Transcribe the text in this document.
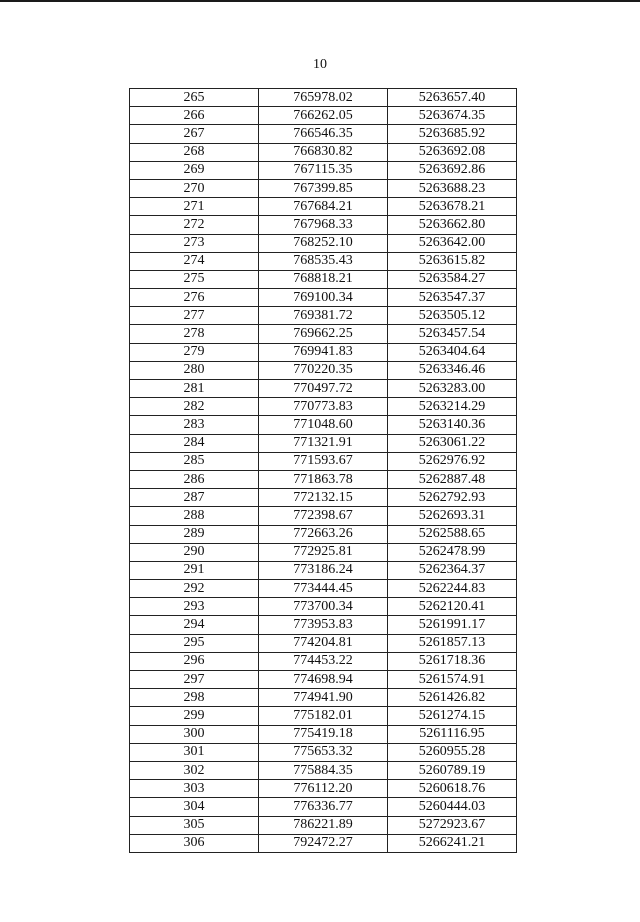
10
265	765978.02	5263657.40
266	766262.05	5263674.35
267	766546.35	5263685.92
268	766830.82	5263692.08
269	767115.35	5263692.86
270	767399.85	5263688.23
271	767684.21	5263678.21
272	767968.33	5263662.80
273	768252.10	5263642.00
274	768535.43	5263615.82
275	768818.21	5263584.27
276	769100.34	5263547.37
277	769381.72	5263505.12
278	769662.25	5263457.54
279	769941.83	5263404.64
280	770220.35	5263346.46
281	770497.72	5263283.00
282	770773.83	5263214.29
283	771048.60	5263140.36
284	771321.91	5263061.22
285	771593.67	5262976.92
286	771863.78	5262887.48
287	772132.15	5262792.93
288	772398.67	5262693.31
289	772663.26	5262588.65
290	772925.81	5262478.99
291	773186.24	5262364.37
292	773444.45	5262244.83
293	773700.34	5262120.41
294	773953.83	5261991.17
295	774204.81	5261857.13
296	774453.22	5261718.36
297	774698.94	5261574.91
298	774941.90	5261426.82
299	775182.01	5261274.15
300	775419.18	5261116.95
301	775653.32	5260955.28
302	775884.35	5260789.19
303	776112.20	5260618.76
304	776336.77	5260444.03
305	786221.89	5272923.67
306	792472.27	5266241.21
